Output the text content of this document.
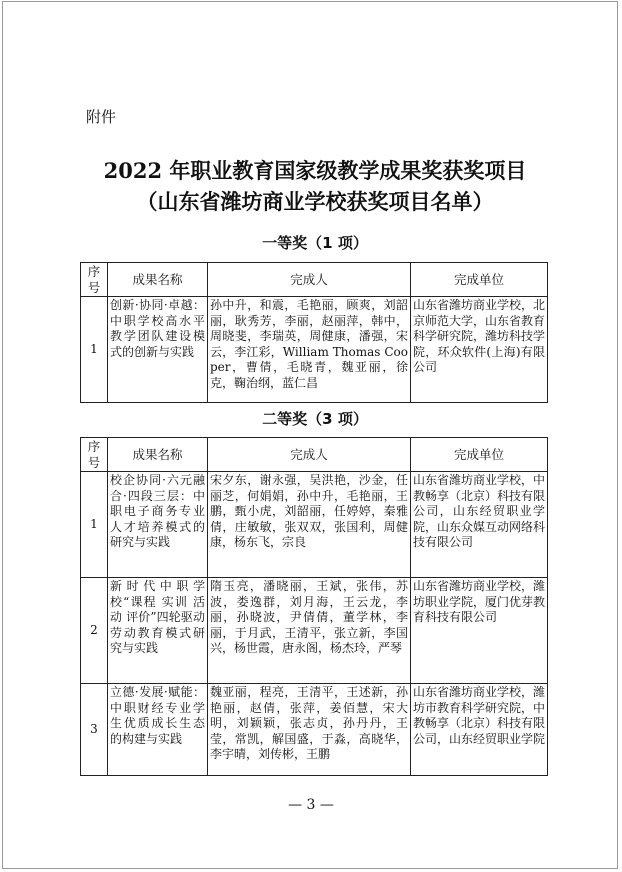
附件
2022 年职业教育国家级教学成果奖获奖项目
（山东省潍坊商业学校获奖项目名单）
一等奖（1 项）
序号	成果名称	完成人	完成单位
1	创新·协同·卓越：中职学校高水平教学团队建设模式的创新与实践	孙中升，和震，毛艳丽，顾爽，刘韶丽，耿秀芳，李丽，赵丽萍，韩中，周晓斐，李瑞英，周健康，潘强，宋云，李江彩，William Thomas Cooper，曹倩，毛晓青，魏亚丽，徐克，鞠治纲，蓝仁昌	山东省潍坊商业学校，北京师范大学，山东省教育科学研究院，潍坊科技学院，环众软件(上海)有限公司
二等奖（3 项）
序号	成果名称	完成人	完成单位
1	校企协同·六元融合·四段三层：中职电子商务专业人才培养模式的研究与实践	宋夕东，谢永强，吴洪艳，沙金，任丽芝，何娟娟，孙中升，毛艳丽，王鹏，甄小虎，刘韶丽，任婷婷，秦雅倩，庄敏敏，张双双，张国利，周健康，杨东飞，宗良	山东省潍坊商业学校，中教畅享（北京）科技有限公司，山东经贸职业学院，山东众媒互动网络科技有限公司
2	新时代中职学校“课程 实训 活动 评价”四轮驱动劳动教育模式研究与实践	隋玉亮，潘晓丽，王斌，张伟，苏波，娄逸群，刘月海，王云龙，李丽，孙晓波，尹倩倩，董学林，李丽，于月武，王清平，张立新，李国兴，杨世霞，唐永阁，杨杰玲，严琴	山东省潍坊商业学校，潍坊职业学院，厦门优芽教育科技有限公司
3	立德·发展·赋能：中职财经专业学生优质成长生态的构建与实践	魏亚丽，程亮，王清平，王述新，孙艳丽，赵倩，张萍，姜佰慧，宋大明，刘颖颖，张志贞，孙丹丹，王莹，常凯，解国盛，于淼，高晓华，李宇晴，刘传彬，王鹏	山东省潍坊商业学校，潍坊市教育科学研究院，中教畅享（北京）科技有限公司，山东经贸职业学院
— 3 —
